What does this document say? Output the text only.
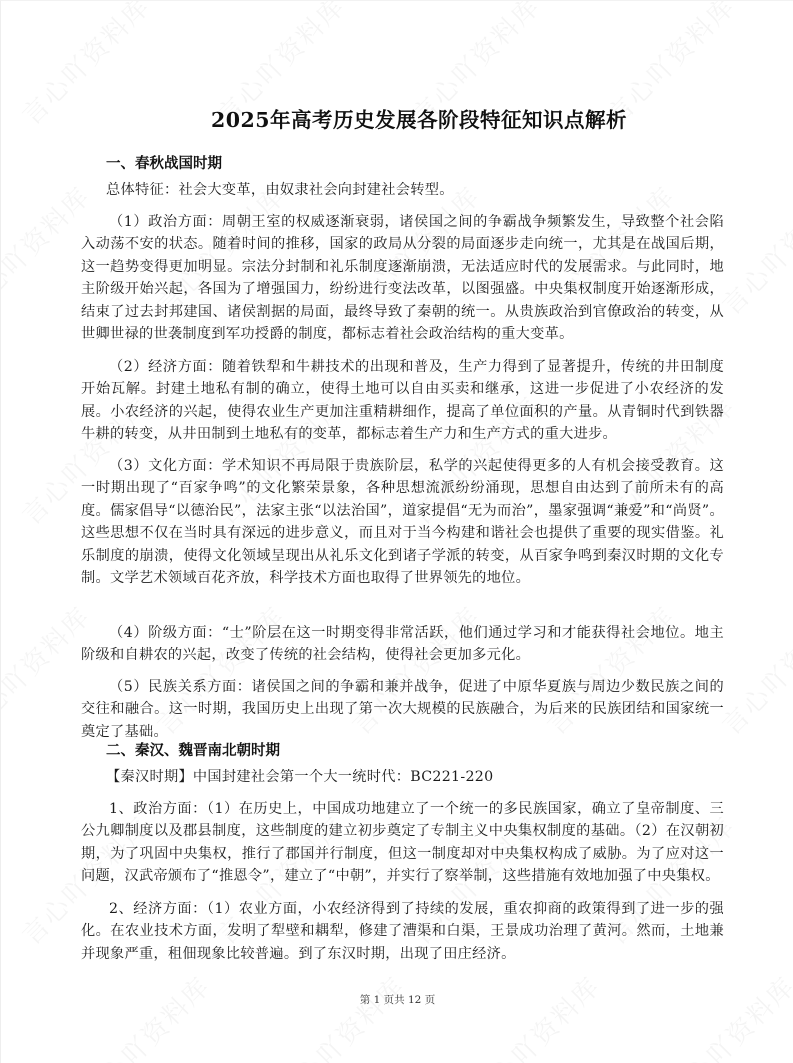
2025年高考历史发展各阶段特征知识点解析
一、春秋战国时期

总体特征：社会大变革，由奴隶社会向封建社会转型。

（1）政治方面：周朝王室的权威逐渐衰弱，诸侯国之间的争霸战争频繁发生，导致整个社会陷入动荡不安的状态。随着时间的推移，国家的政局从分裂的局面逐步走向统一，尤其是在战国后期，这一趋势变得更加明显。宗法分封制和礼乐制度逐渐崩溃，无法适应时代的发展需求。与此同时，地主阶级开始兴起，各国为了增强国力，纷纷进行变法改革，以图强盛。中央集权制度开始逐渐形成，结束了过去封邦建国、诸侯割据的局面，最终导致了秦朝的统一。从贵族政治到官僚政治的转变，从世卿世禄的世袭制度到军功授爵的制度，都标志着社会政治结构的重大变革。

（2）经济方面：随着铁犁和牛耕技术的出现和普及，生产力得到了显著提升，传统的井田制度开始瓦解。封建土地私有制的确立，使得土地可以自由买卖和继承，这进一步促进了小农经济的发展。小农经济的兴起，使得农业生产更加注重精耕细作，提高了单位面积的产量。从青铜时代到铁器牛耕的转变，从井田制到土地私有的变革，都标志着生产力和生产方式的重大进步。

（3）文化方面：学术知识不再局限于贵族阶层，私学的兴起使得更多的人有机会接受教育。这一时期出现了“百家争鸣”的文化繁荣景象，各种思想流派纷纷涌现，思想自由达到了前所未有的高度。儒家倡导“以德治民”，法家主张“以法治国”，道家提倡“无为而治”，墨家强调“兼爱”和“尚贤”。这些思想不仅在当时具有深远的进步意义，而且对于当今构建和谐社会也提供了重要的现实借鉴。礼乐制度的崩溃，使得文化领域呈现出从礼乐文化到诸子学派的转变，从百家争鸣到秦汉时期的文化专制。文学艺术领域百花齐放，科学技术方面也取得了世界领先的地位。

（4）阶级方面：“士”阶层在这一时期变得非常活跃，他们通过学习和才能获得社会地位。地主阶级和自耕农的兴起，改变了传统的社会结构，使得社会更加多元化。

（5）民族关系方面：诸侯国之间的争霸和兼并战争，促进了中原华夏族与周边少数民族之间的交往和融合。这一时期，我国历史上出现了第一次大规模的民族融合，为后来的民族团结和国家统一奠定了基础。

二、秦汉、魏晋南北朝时期

【秦汉时期】中国封建社会第一个大一统时代：BC221-220

1、政治方面：（1）在历史上，中国成功地建立了一个统一的多民族国家，确立了皇帝制度、三公九卿制度以及郡县制度，这些制度的建立初步奠定了专制主义中央集权制度的基础。（2）在汉朝初期，为了巩固中央集权，推行了郡国并行制度，但这一制度却对中央集权构成了威胁。为了应对这一问题，汉武帝颁布了“推恩令”，建立了“中朝”，并实行了察举制，这些措施有效地加强了中央集权。

2、经济方面：（1）农业方面，小农经济得到了持续的发展，重农抑商的政策得到了进一步的强化。在农业技术方面，发明了犁壁和耦犁，修建了漕渠和白渠，王景成功治理了黄河。然而，土地兼并现象严重，租佃现象比较普遍。到了东汉时期，出现了田庄经济。

第 1 页共 12 页
